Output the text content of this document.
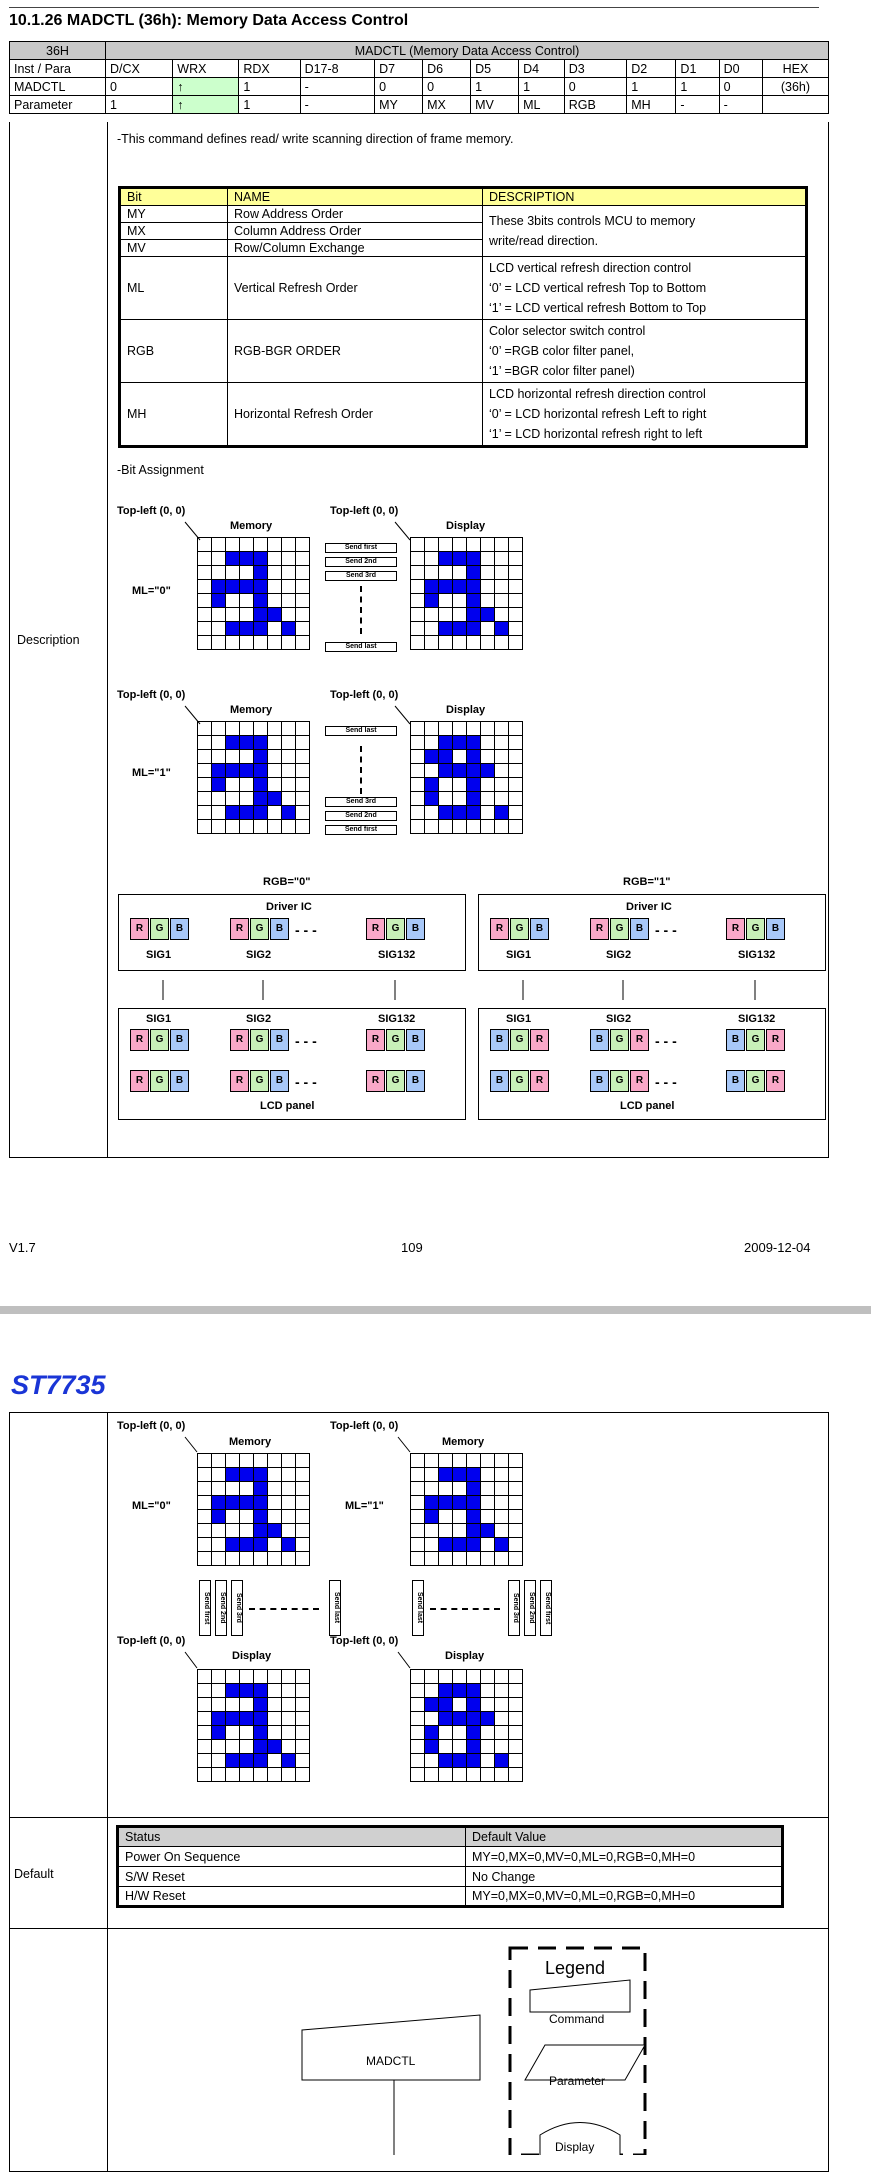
10.1.26 MADCTL (36h): Memory Data Access Control
36H	MADCTL (Memory Data Access Control)												
Inst / Para	D/CX	WRX	RDX	D17-8	D7	D6	D5	D4	D3	D2	D1	D0	HEX
MADCTL	0	↑	1	-	0	0	1	1	0	1	1	0	(36h)
Parameter	1	↑	1	-	MY	MX	MV	ML	RGB	MH	-	-	
Description
-This command defines read/ write scanning direction of frame memory.
Bit	NAME	DESCRIPTION
MY	Row Address Order	These 3bits controls MCU to memory
write/read direction.
MX	Column Address Order	
MV	Row/Column Exchange	
ML	Vertical Refresh Order	LCD vertical refresh direction control
‘0’ = LCD vertical refresh Top to Bottom
‘1’ = LCD vertical refresh Bottom to Top
RGB	RGB-BGR ORDER	Color selector switch control
‘0’ =RGB color filter panel,
‘1’ =BGR color filter panel)
MH	Horizontal Refresh Order	LCD horizontal refresh direction control
‘0’ = LCD horizontal refresh Left to right
‘1’ = LCD horizontal refresh right to left
-Bit Assignment
Top-left (0, 0)	Top-left (0, 0)
Memory	Display
ML="0"
Send first
Send 2nd
Send 3rd
Send last
Top-left (0, 0)	Top-left (0, 0)
Memory	Display
ML="1"
Send last
Send 3rd
Send 2nd
Send first
RGB="0"
Driver IC
R	G	B	R	G	B	R	G	B
- - -
SIG1	SIG2	SIG132
SIG1	SIG2	SIG132
R	G	B	R	G	B	R	G	B
- - -
R	G	B	R	G	B	R	G	B
- - -
LCD panel
RGB="1"
Driver IC
R	G	B	R	G	B	R	G	B
- - -
SIG1	SIG2	SIG132
SIG1	SIG2	SIG132
B	G	R	B	G	R	B	G	R
- - -
B	G	R	B	G	R	B	G	R
- - -
LCD panel
Top-left (0, 0)
Memory
ML="0"
Send first	Send 2nd	Send 3rd	Send last
Top-left (0, 0)
Display
Top-left (0, 0)
Memory
ML="1"
Send last	Send 3rd	Send 2nd	Send first
Top-left (0, 0)
Display
V1.7	109	2009-12-04
ST7735
Default
Status	Default Value
Power On Sequence	MY=0,MX=0,MV=0,ML=0,RGB=0,MH=0
S/W Reset	No Change
H/W Reset	MY=0,MX=0,MV=0,ML=0,RGB=0,MH=0
Legend
Command
Parameter
Display
MADCTL
